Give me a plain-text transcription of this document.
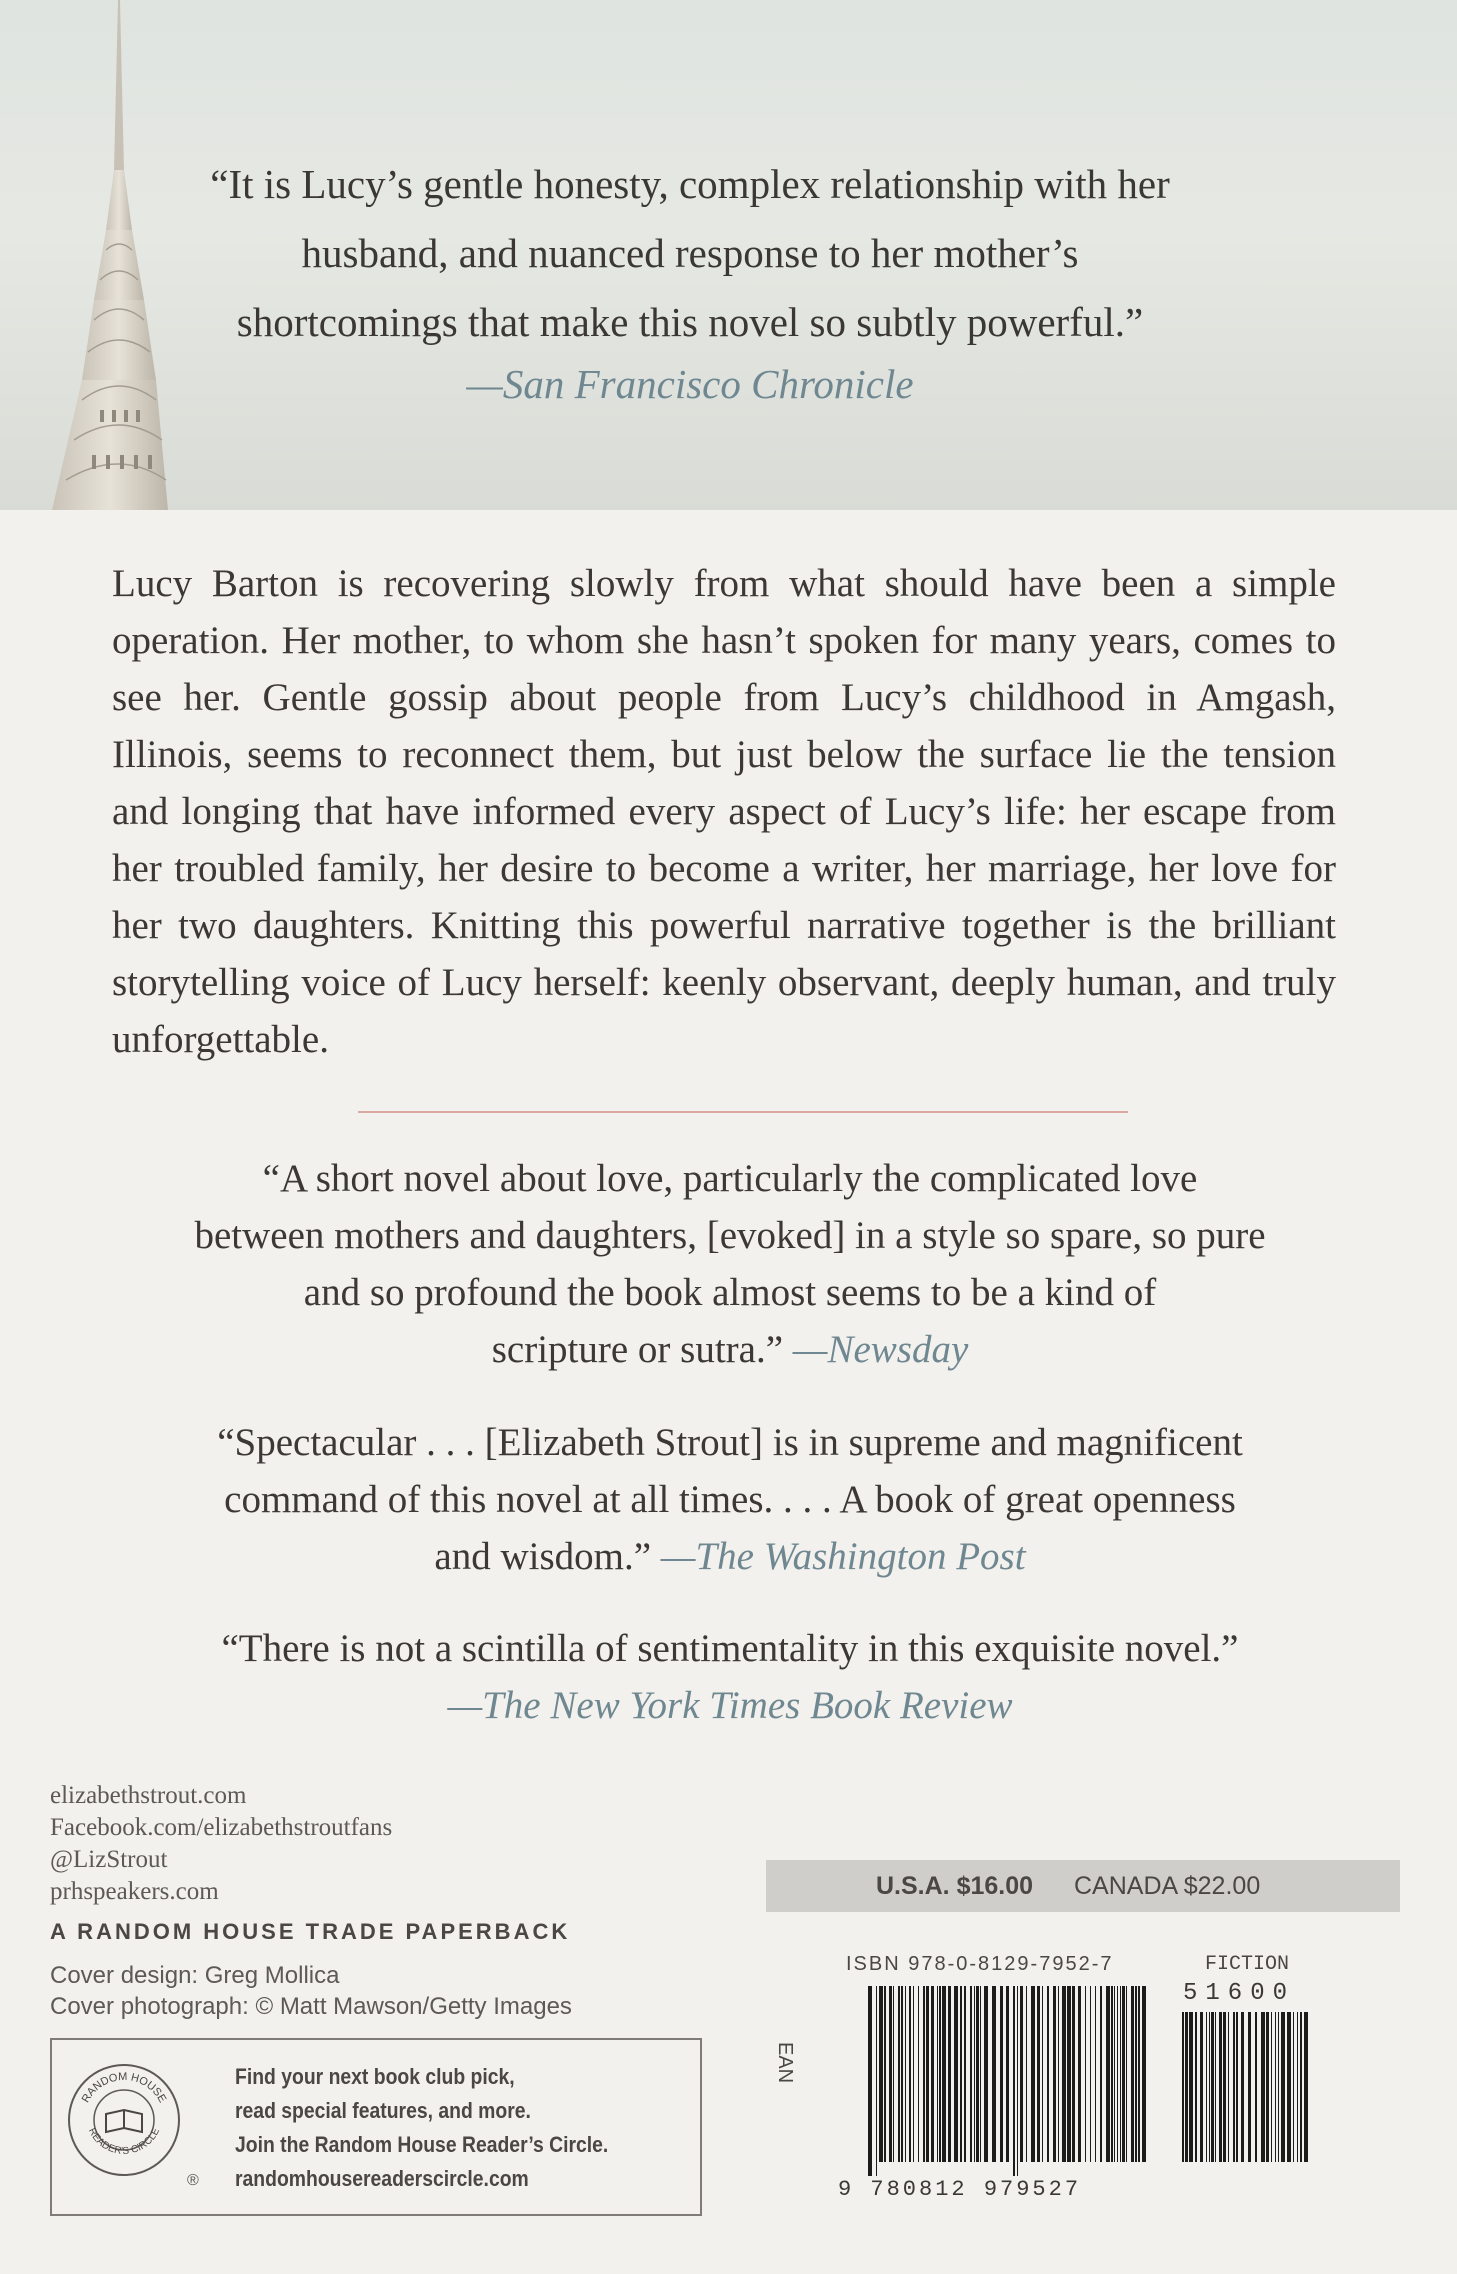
“It is Lucy’s gentle honesty, complex relationship with her
husband, and nuanced response to her mother’s
shortcomings that make this novel so subtly powerful.”
—San Francisco Chronicle
Lucy Barton is recovering slowly from what should have been a simple operation. Her mother, to whom she hasn’t spoken for many years, comes to see her. Gentle gossip about people from Lucy’s childhood in Amgash, Illinois, seems to reconnect them, but just below the surface lie the tension and longing that have informed every aspect of Lucy’s life: her escape from her troubled family, her desire to become a writer, her marriage, her love for her two daughters. Knitting this powerful narrative together is the brilliant storytelling voice of Lucy herself: keenly observant, deeply human, and truly unforgettable.
“A short novel about love, particularly the complicated love
between mothers and daughters, [evoked] in a style so spare, so pure
and so profound the book almost seems to be a kind of
scripture or sutra.” —Newsday
“Spectacular . . . [Elizabeth Strout] is in supreme and magnificent
command of this novel at all times. . . . A book of great openness
and wisdom.” —The Washington Post
“There is not a scintilla of sentimentality in this exquisite novel.”
—The New York Times Book Review
elizabethstrout.com
Facebook.com/elizabethstroutfans
@LizStrout
prhspeakers.com
A RANDOM HOUSE TRADE PAPERBACK
Cover design: Greg Mollica
Cover photograph: © Matt Mawson/Getty Images
RANDOM HOUSE
READER'S CIRCLE
®
Find your next book club pick,
read special features, and more.
Join the Random House Reader’s Circle.
randomhousereaderscircle.com
U.S.A. $16.00 CANADA $22.00
ISBN 978-0-8129-7952-7	FICTION
EAN
51600
9 780812 979527
